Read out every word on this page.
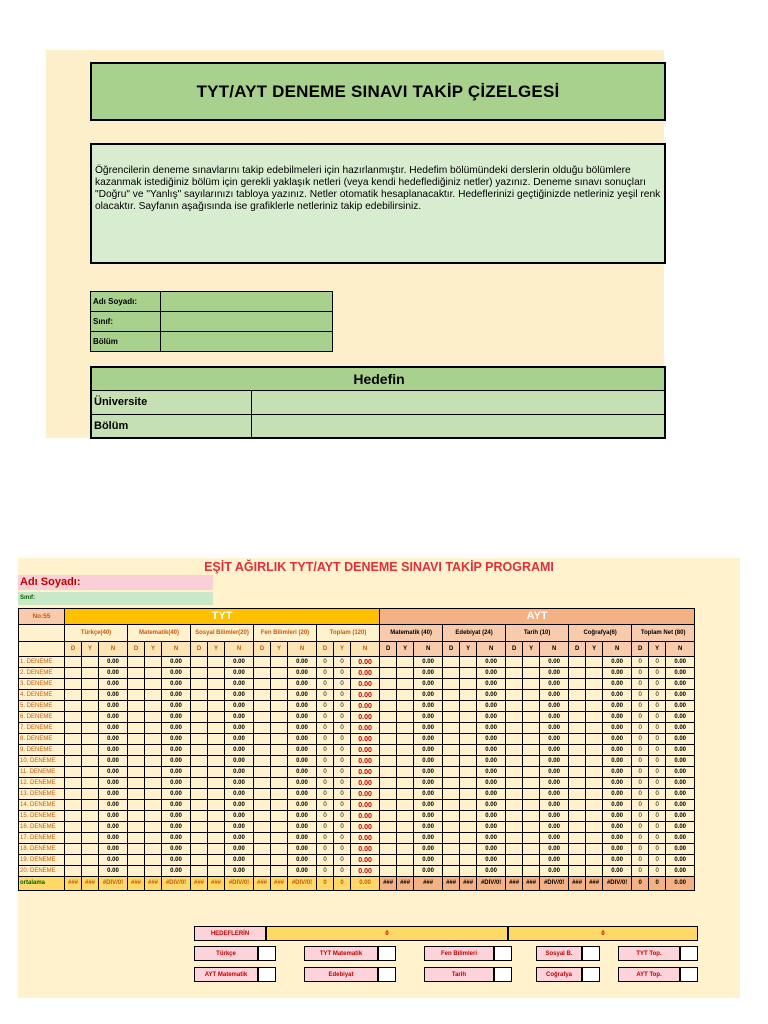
TYT/AYT DENEME SINAVI TAKİP ÇİZELGESİ

Öğrencilerin deneme sınavlarını takip edebilmeleri için hazırlanmıştır. Hedefim bölümündeki derslerin olduğu bölümlere kazanmak istediğiniz bölüm için gerekli yaklaşık netleri (veya kendi hedeflediğiniz netler) yazınız. Deneme sınavı sonuçları "Doğru" ve "Yanlış" sayılarınızı tabloya yazınız. Netler otomatik hesaplanacaktır. Hedeflerinizi geçtiğinizde netleriniz yeşil renk olacaktır. Sayfanın aşağısında ise grafiklerle netleriniz takip edebilirsiniz.

Adı Soyadı:	
Sınıf:	
Bölüm	
Hedefin	
Üniversite	
Bölüm	
EŞİT AĞIRLIK TYT/AYT DENEME SINAVI TAKİP PROGRAMI
Adı Soyadı:
Sınıf:
No:55	TYT															AYT														
	Türkçe(40)			Matematik(40)			Sosyal Bilimler(20)			Fen Bilimleri (20)			Toplam (120)			Matematik (40)			Edebiyat (24)			Tarih (10)			Coğrafya(6)			Toplam Net (80)		
	D	Y	N	D	Y	N	D	Y	N	D	Y	N	D	Y	N	D	Y	N	D	Y	N	D	Y	N	D	Y	N	D	Y	N
1. DENEME			0.00			0.00			0.00			0.00	0	0	0.00			0.00			0.00			0.00			0.00	0	0	0.00
2. DENEME			0.00			0.00			0.00			0.00	0	0	0.00			0.00			0.00			0.00			0.00	0	0	0.00
3. DENEME			0.00			0.00			0.00			0.00	0	0	0.00			0.00			0.00			0.00			0.00	0	0	0.00
4. DENEME			0.00			0.00			0.00			0.00	0	0	0.00			0.00			0.00			0.00			0.00	0	0	0.00
5. DENEME			0.00			0.00			0.00			0.00	0	0	0.00			0.00			0.00			0.00			0.00	0	0	0.00
6. DENEME			0.00			0.00			0.00			0.00	0	0	0.00			0.00			0.00			0.00			0.00	0	0	0.00
7. DENEME			0.00			0.00			0.00			0.00	0	0	0.00			0.00			0.00			0.00			0.00	0	0	0.00
8. DENEME			0.00			0.00			0.00			0.00	0	0	0.00			0.00			0.00			0.00			0.00	0	0	0.00
9. DENEME			0.00			0.00			0.00			0.00	0	0	0.00			0.00			0.00			0.00			0.00	0	0	0.00
10. DENEME			0.00			0.00			0.00			0.00	0	0	0.00			0.00			0.00			0.00			0.00	0	0	0.00
11. DENEME			0.00			0.00			0.00			0.00	0	0	0.00			0.00			0.00			0.00			0.00	0	0	0.00
12. DENEME			0.00			0.00			0.00			0.00	0	0	0.00			0.00			0.00			0.00			0.00	0	0	0.00
13. DENEME			0.00			0.00			0.00			0.00	0	0	0.00			0.00			0.00			0.00			0.00	0	0	0.00
14. DENEME			0.00			0.00			0.00			0.00	0	0	0.00			0.00			0.00			0.00			0.00	0	0	0.00
15. DENEME			0.00			0.00			0.00			0.00	0	0	0.00			0.00			0.00			0.00			0.00	0	0	0.00
16. DENEME			0.00			0.00			0.00			0.00	0	0	0.00			0.00			0.00			0.00			0.00	0	0	0.00
17. DENEME			0.00			0.00			0.00			0.00	0	0	0.00			0.00			0.00			0.00			0.00	0	0	0.00
18. DENEME			0.00			0.00			0.00			0.00	0	0	0.00			0.00			0.00			0.00			0.00	0	0	0.00
19. DENEME			0.00			0.00			0.00			0.00	0	0	0.00			0.00			0.00			0.00			0.00	0	0	0.00
20. DENEME			0.00			0.00			0.00			0.00	0	0	0.00			0.00			0.00			0.00			0.00	0	0	0.00
ortalama	###	###	#DIV/0!	###	###	#DIV/0!	###	###	#DIV/0!	###	###	#DIV/0!	0	0	0.00	###	###	###	###	###	#DIV/0!	###	###	#DIV/0!	###	###	#DIV/0!	0	0	0.00
HEDEFLERİN	0	0
Türkçe	TYT Matematik	Fen Bilimleri	Sosyal B.	TYT Top.
AYT Matematik	Edebiyat	Tarih	Coğrafya	AYT Top.
